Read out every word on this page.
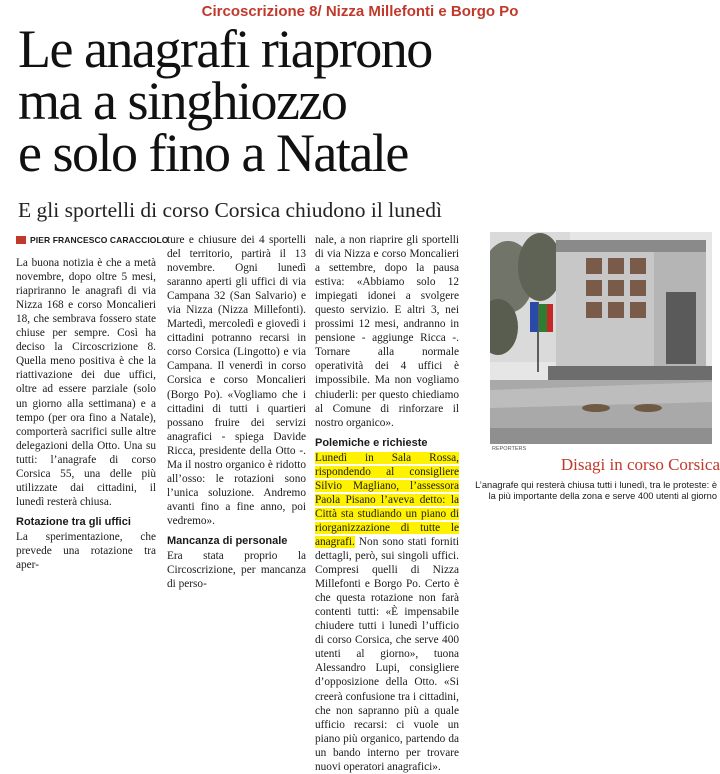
Circoscrizione 8/ Nizza Millefonti e Borgo Po
Le anagrafi riaprono
ma a singhiozzo
e solo fino a Natale
E gli sportelli di corso Corsica chiudono il lunedì
PIER FRANCESCO CARACCIOLO

La buona notizia è che a metà novembre, dopo oltre 5 mesi, riapriranno le anagrafi di via Nizza 168 e corso Moncalieri 18, che sembrava fossero state chiuse per sempre. Così ha deciso la Circoscrizione 8. Quella meno positiva è che la riattivazione dei due uffici, oltre ad essere parziale (solo un giorno alla settimana) e a tempo (per ora fino a Natale), comporterà sacrifici sulle altre delegazioni della Otto. Una su tutti: l’anagrafe di corso Corsica 55, una delle più utilizzate dai cittadini, il lunedì resterà chiusa.

Rotazione tra gli uffici

La sperimentazione, che prevede una rotazione tra aper-

ture e chiusure dei 4 sportelli del territorio, partirà il 13 novembre. Ogni lunedì saranno aperti gli uffici di via Campana 32 (San Salvario) e via Nizza (Nizza Millefonti). Martedì, mercoledì e giovedì i cittadini potranno recarsi in corso Corsica (Lingotto) e via Campana. Il venerdì in corso Corsica e corso Moncalieri (Borgo Po). «Vogliamo che i cittadini di tutti i quartieri possano fruire dei servizi anagrafici - spiega Davide Ricca, presidente della Otto -. Ma il nostro organico è ridotto all’osso: le rotazioni sono l’unica soluzione. Andremo avanti fino a fine anno, poi vedremo».

Mancanza di personale

Era stata proprio la Circoscrizione, per mancanza di perso-

nale, a non riaprire gli sportelli di via Nizza e corso Moncalieri a settembre, dopo la pausa estiva: «Abbiamo solo 12 impiegati idonei a svolgere questo servizio. E altri 3, nei prossimi 12 mesi, andranno in pensione - aggiunge Ricca -. Tornare alla normale operatività dei 4 uffici è impossibile. Ma non vogliamo chiuderli: per questo chiediamo al Comune di rinforzare il nostro organico».

Polemiche e richieste

Lunedì in Sala Rossa, rispondendo al consigliere Silvio Magliano, l’assessora Paola Pisano l’aveva detto: la Città sta studiando un piano di riorganizzazione di tutte le anagrafi. Non sono stati forniti dettagli, però, sui singoli uffici. Compresi quelli di Nizza Millefonti e Borgo Po. Certo è che questa rotazione non farà contenti tutti: «È impensabile chiudere tutti i lunedì l’ufficio di corso Corsica, che serve 400 utenti al giorno», tuona Alessandro Lupi, consigliere d’opposizione della Otto. «Si creerà confusione tra i cittadini, che non sapranno più a quale ufficio recarsi: ci vuole un piano più organico, partendo da un bando interno per trovare nuovi operatori anagrafici».

REPORTERS
Disagi in corso Corsica
L’anagrafe qui resterà chiusa tutti i lunedì, tra le proteste: è la più importante della zona e serve 400 utenti al giorno
